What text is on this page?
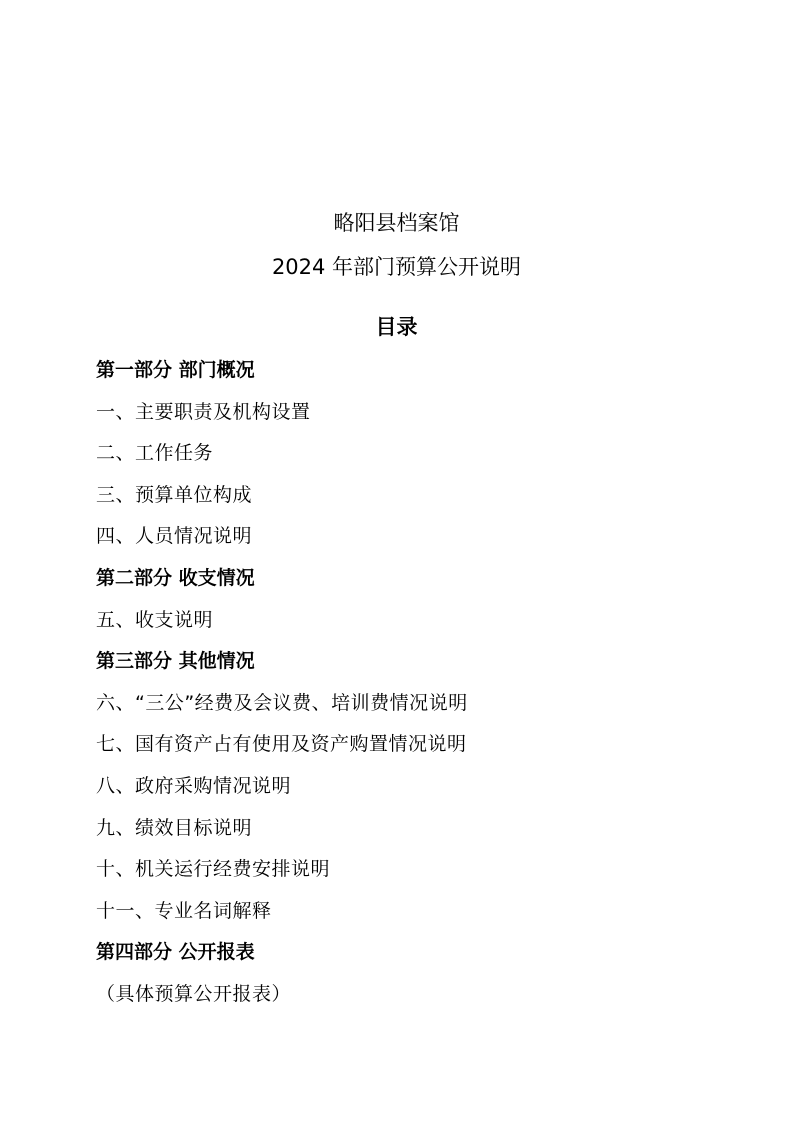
略阳县档案馆
2024 年部门预算公开说明
目录
第一部分 部门概况
一、主要职责及机构设置
二、工作任务
三、预算单位构成
四、人员情况说明
第二部分 收支情况
五、收支说明
第三部分 其他情况
六、“三公”经费及会议费、培训费情况说明
七、国有资产占有使用及资产购置情况说明
八、政府采购情况说明
九、绩效目标说明
十、机关运行经费安排说明
十一、专业名词解释
第四部分 公开报表
（具体预算公开报表）
